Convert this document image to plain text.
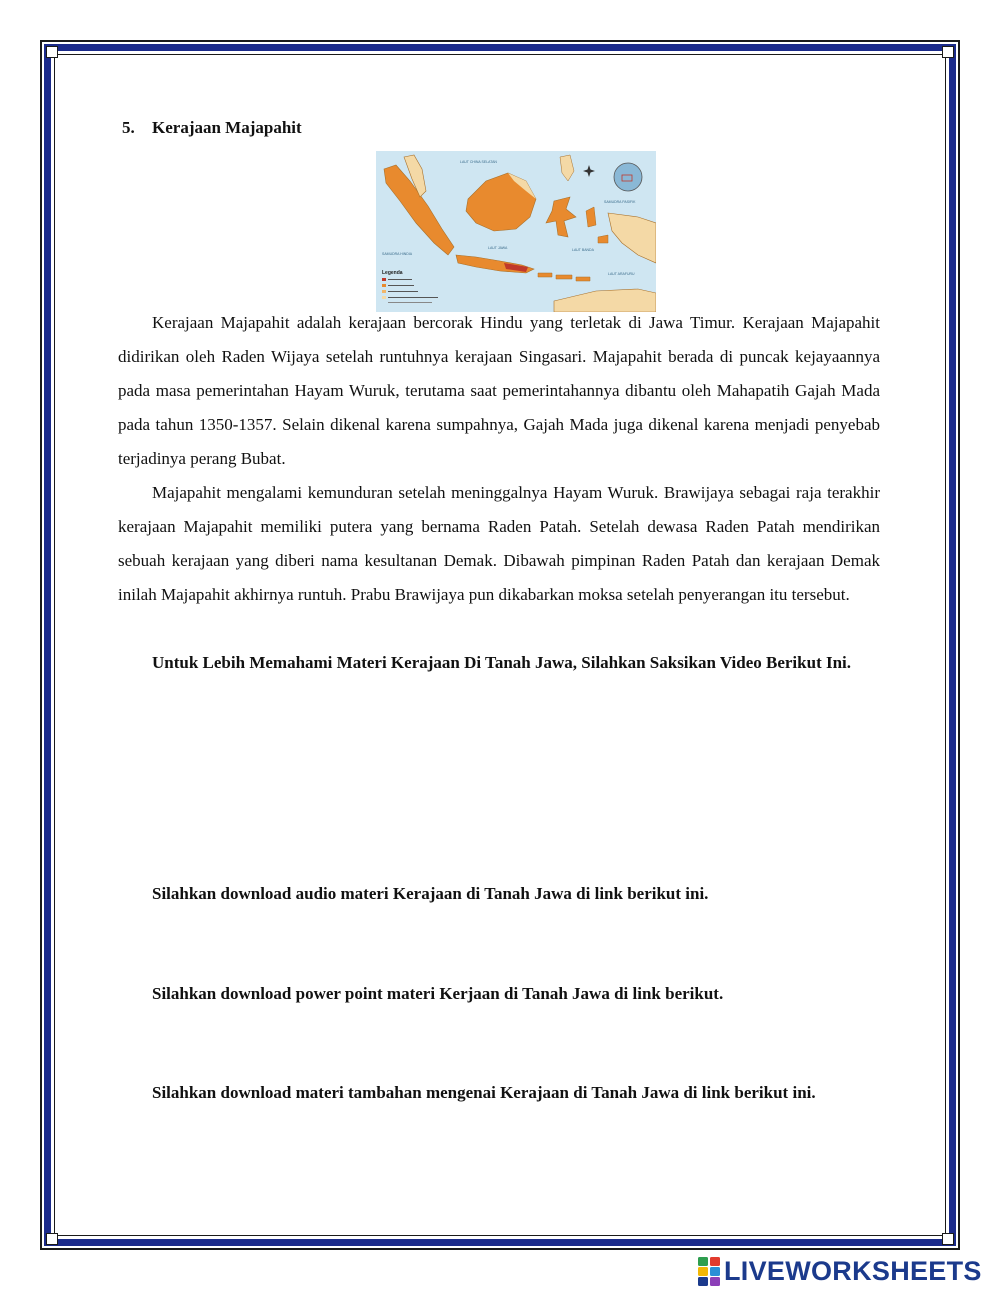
5. Kerajaan Majapahit
Legenda
LAUT CHINA SELATAN
LAUT JAWA
SAMUDRA HINDIA
SAMUDRA PASIFIK
LAUT BANDA
LAUT ARAFURU

Kerajaan Majapahit adalah kerajaan bercorak Hindu yang terletak di Jawa Timur. Kerajaan Majapahit didirikan oleh Raden Wijaya setelah runtuhnya kerajaan Singasari. Majapahit berada di puncak kejayaannya pada masa pemerintahan Hayam Wuruk, terutama saat pemerintahannya dibantu oleh Mahapatih Gajah Mada pada tahun 1350-1357. Selain dikenal karena sumpahnya, Gajah Mada juga dikenal karena menjadi penyebab terjadinya perang Bubat.

Majapahit mengalami kemunduran setelah meninggalnya Hayam Wuruk. Brawijaya sebagai raja terakhir kerajaan Majapahit memiliki putera yang bernama Raden Patah. Setelah dewasa Raden Patah mendirikan sebuah kerajaan yang diberi nama kesultanan Demak. Dibawah pimpinan Raden Patah dan kerajaan Demak inilah Majapahit akhirnya runtuh. Prabu Brawijaya pun dikabarkan moksa setelah penyerangan itu tersebut.

Untuk Lebih Memahami Materi Kerajaan Di Tanah Jawa, Silahkan Saksikan Video Berikut Ini.

Silahkan download audio materi Kerajaan di Tanah Jawa di link berikut ini.

Silahkan download power point materi Kerjaan di Tanah Jawa di link berikut.

Silahkan download materi tambahan mengenai Kerajaan di Tanah Jawa di link berikut ini.

LIVEWORKSHEETS
